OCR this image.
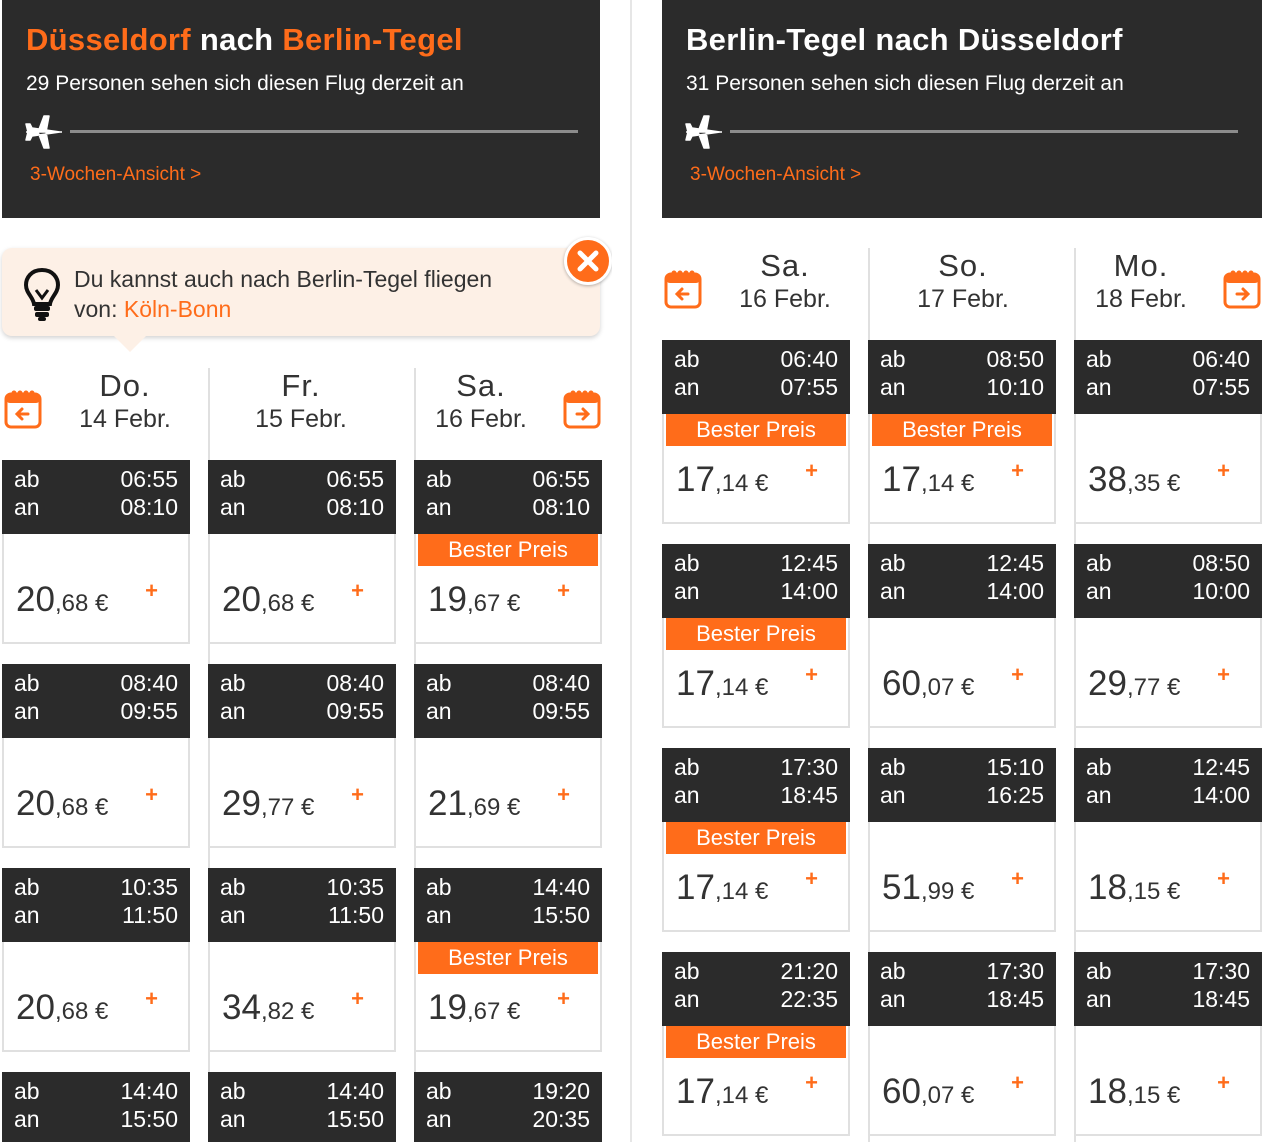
Düsseldorf nach Berlin-Tegel
29 Personen sehen sich diesen Flug derzeit an
3-Wochen-Ansicht >
Du kannst auch nach Berlin-Tegel fliegen
von: Köln-Bonn
Do.
14 Febr.
Fr.
15 Febr.
Sa.
16 Febr.
ab
an
06:55
08:10
20,68 € +
ab
an
08:40
09:55
20,68 € +
ab
an
10:35
11:50
20,68 € +
ab
an
14:40
15:50
ab
an
06:55
08:10
20,68 € +
ab
an
08:40
09:55
29,77 € +
ab
an
10:35
11:50
34,82 € +
ab
an
14:40
15:50
ab
an
06:55
08:10
Bester Preis
19,67 € +
ab
an
08:40
09:55
21,69 € +
ab
an
14:40
15:50
Bester Preis
19,67 € +
ab
an
19:20
20:35
Berlin-Tegel nach Düsseldorf
31 Personen sehen sich diesen Flug derzeit an
3-Wochen-Ansicht >
Sa.
16 Febr.
So.
17 Febr.
Mo.
18 Febr.
ab
an
06:40
07:55
Bester Preis
17,14 € +
ab
an
12:45
14:00
Bester Preis
17,14 € +
ab
an
17:30
18:45
Bester Preis
17,14 € +
ab
an
21:20
22:35
Bester Preis
17,14 € +
ab
an
08:50
10:10
Bester Preis
17,14 € +
ab
an
12:45
14:00
60,07 € +
ab
an
15:10
16:25
51,99 € +
ab
an
17:30
18:45
60,07 € +
ab
an
06:40
07:55
38,35 € +
ab
an
08:50
10:00
29,77 € +
ab
an
12:45
14:00
18,15 € +
ab
an
17:30
18:45
18,15 € +
